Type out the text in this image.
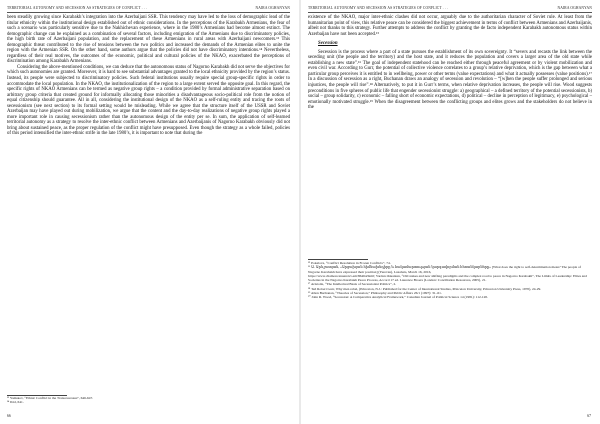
TERRITORIAL AUTONOMY AND SECESSION AS STRATEGIES OF CONFLICT . . .	NAIRA OGHANYAN

been steadily growing since Karabakh’s integration into the Azerbaijani SSR. This tendency may have led to the loss of demographic lead of the titular ethnicity within the institutional design established out of ethnic considerations. In the perceptions of the Karabakh Armenians, the fear of such a scenario was particularly sensitive due to the Nakhichevan experience, where in the 1980’s Armenians had become almost extinct. The demographic change can be explained as a combination of several factors, including emigration of the Armenians due to discriminatory policies, the high birth rate of Azerbaijani population, and the replacement of these Armenians in rural areas with Azerbaijani newcomers.¹³ This demographic threat contributed to the rise of tensions between the two politics and increased the demands of the Armenian elites to unite the region with the Armenian SSR. On the other hand, some authors argue that the policies did not have discriminatory intentions.¹⁴ Nevertheless, regardless of their real motives, the outcomes of the economic, political and cultural policies of the NKAO, exacerbated the perceptions of discrimination among Karabakh Armenians.

Considering the above-mentioned conditions, we can deduce that the autonomous status of Nagorno Karabakh did not serve the objectives for which such autonomies are granted. Moreover, it is hard to see substantial advantages granted to the local ethnicity provided by the region’s status. Instead, its people were subjected to discriminatory policies. Such federal institutions usually require special group-specific rights in order to accommodate the local population. In the NKAO, the institutionalization of the region to a large extent served the opposite goal. In this regard, the specific rights of NKAO Armenians can be termed as negative group rights – a condition provided by formal administrative separation based on arbitrary group criteria that created ground for informally allocating those minorities a disadvantageous socio-political role from the notion of equal citizenship should guarantee. All in all, considering the institutional design of the NKAO as a self-ruling entity and tracing the roots of secessionism (see next section) to its formal setting would be misleading. While we agree that the structure itself of the USSR and Soviet Azerbaijan may have played out during mobilization, we argue that the content and the day-to-day realizations of negative group rights played a more important role in causing secessionism rather than the autonomous design of the entity per se. In sum, the application of self-learned territorial autonomy as a strategy to resolve the inter-ethnic conflict between Armenians and Azerbaijanis of Nagorno Karabakh obviously did not bring about sustained peace, as the proper regulation of the conflict might have presupposed. Even though the strategy as a whole failed, policies of this period intensified the inter-ethnic strife in the late 1980’s, it is important to note that during the

¹³ Yamskov, “Ethnic Conflict in the Transcaucasus”, 646-647.
¹⁴ Ibid, 641.
66
TERRITORIAL AUTONOMY AND SECESSION AS STRATEGIES OF CONFLICT . . .	NAIRA OGHANYAN

existence of the NKAO, major inter-ethnic clashes did not occur, arguably due to the authoritarian character of Soviet rule. At least from the humanitarian point of view, this relative peace can be considered the biggest achievement in terms of conflict between Armenians and Azerbaijanis, albeit not thanks to this strategy. Further attempts to address the conflict by granting the de facto independent Karabakh autonomous status within Azerbaijan have not been accepted.¹⁵

Secession

Secession is the process where a part of a state pursues the establishment of its own sovereignty. It “severs and recasts the link between the seceding unit (the people and the territory) and the host state, and it reduces the population and covers a larger area of the old state while establishing a new state”.¹⁶ The goal of independent statehood can be reached either through peaceful agreement or by violent mobilization and even civil war. According to Gurr, the potential of collective violence correlates to a group’s relative deprivation, which is the gap between what a particular group perceives it is entitled to in wellbeing, power or other terms (value expectations) and what it actually possesses (value positions).¹⁷ In a discussion of secession as a right, Buchanan draws an analogy of secession and revolution – “[w]hen the people suffer prolonged and serious injustices, the people will rise”.¹⁸ Alternatively, to put it in Gurr’s terms, when relative deprivation increases, the people will rise. Wood suggests preconditions in five spheres of public life that engender secessionist struggle: a) geographical – a defined territory of the potential secessionists, b) social – group solidarity, c) economic – falling short of economic expectations, d) political – decline in perception of legitimacy, e) psychological – emotionally motivated struggle.¹⁹ When the disagreement between the conflicting groups and elites grows and the stakeholders do not believe in the

¹⁵ Pokalova, “Conflict Resolution in Frozen Conflicts”, 74.
¹⁶ Ա. Արևշատյան, «Արցախյան հիմնախնդիրը և հակամարտության կարգավորման հեռանկարները» [What does the right to self-determination mean? The people of Nagorno Karabakh have expressed their position] (Yerevan), Lusabats, March 16, 2016,
https://www.chamoncanuanavv.am/86464/html; Vardan Oskanian, “Old stakes and new shifting paradigms and the complex road to peace in Nagorno Karabakh”, The Limits of Leadership: Elites and Societies in the Nagorno Karabakh Peace Process, Accord 17 ed. Laurence Broers (London: Conciliation Resources, 2005), 21.
¹⁷ Aristotle, “The Intellectual Basis of Secessionist Politics”, 2.
¹⁸ Ted Robert Gurr, Why men rebel, (Princeton, N.J.: Published for the Center of International Studies, Princeton University, Princeton University Press, 1970), 24-29.
¹⁹ Allen Buchanan, “Theories of Secession,” Philosophy and Public Affairs 26/1 (1997): 31–61.
²⁰ John R. Wood, “Secession: A Comparative Analytical Framework,” Canadian Journal of Political Science 14 (1981): 112-120.
67
